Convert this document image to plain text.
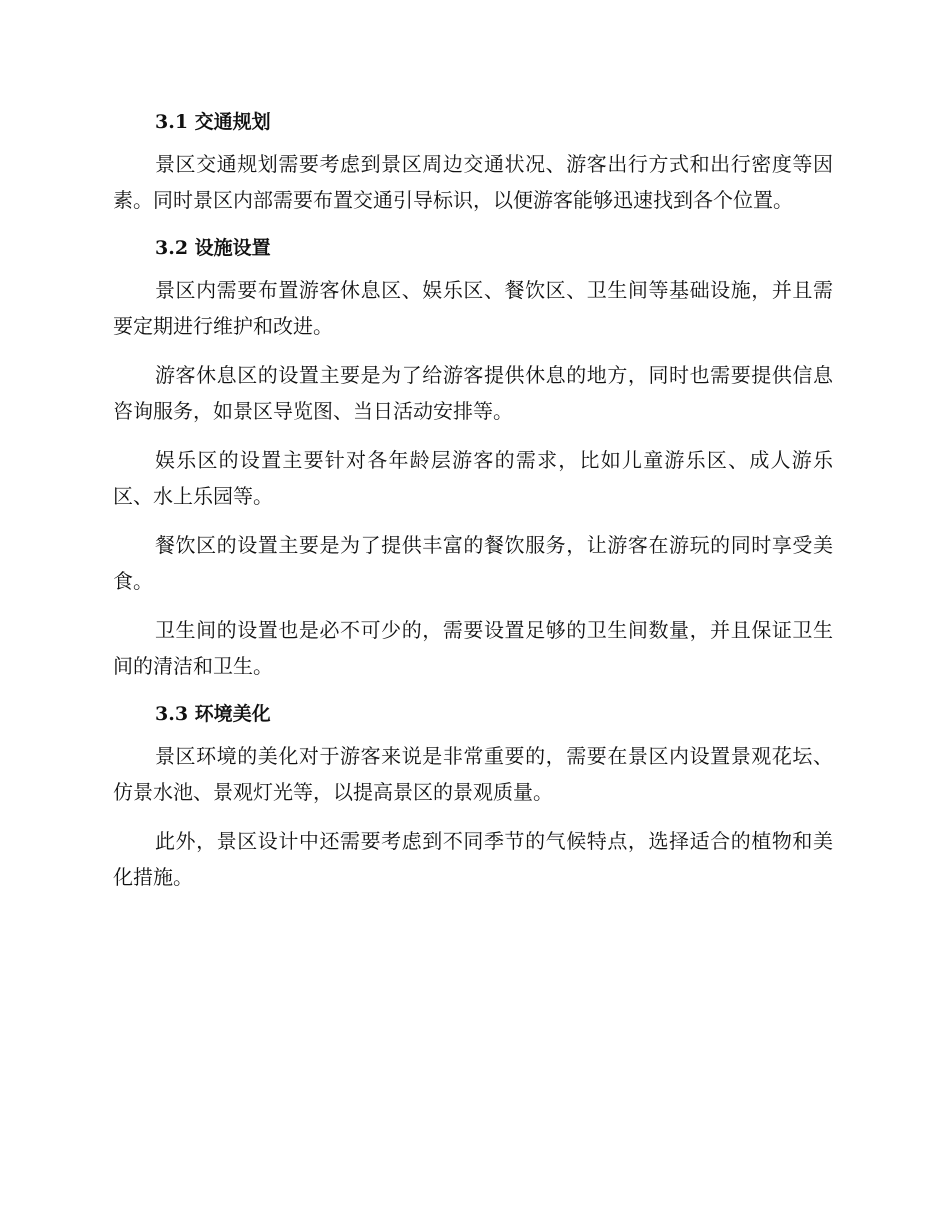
3.1 交通规划

景区交通规划需要考虑到景区周边交通状况、游客出行方式和出行密度等因素。同时景区内部需要布置交通引导标识，以便游客能够迅速找到各个位置。

3.2 设施设置

景区内需要布置游客休息区、娱乐区、餐饮区、卫生间等基础设施，并且需要定期进行维护和改进。

游客休息区的设置主要是为了给游客提供休息的地方，同时也需要提供信息咨询服务，如景区导览图、当日活动安排等。

娱乐区的设置主要针对各年龄层游客的需求，比如儿童游乐区、成人游乐区、水上乐园等。

餐饮区的设置主要是为了提供丰富的餐饮服务，让游客在游玩的同时享受美食。

卫生间的设置也是必不可少的，需要设置足够的卫生间数量，并且保证卫生间的清洁和卫生。

3.3 环境美化

景区环境的美化对于游客来说是非常重要的，需要在景区内设置景观花坛、仿景水池、景观灯光等，以提高景区的景观质量。

此外，景区设计中还需要考虑到不同季节的气候特点，选择适合的植物和美化措施。
